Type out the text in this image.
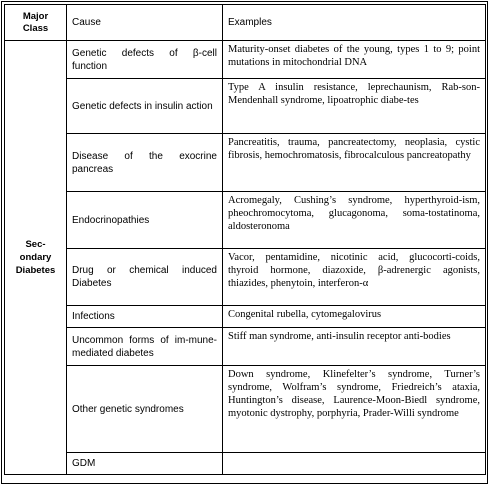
Major Class	Cause	Examples
Sec-ondary Diabetes	Genetic defects of β-cell function	Maturity-onset diabetes of the young, types 1 to 9; point mutations in mitochondrial DNA
	Genetic defects in insulin action	Type A insulin resistance, leprechaunism, Rab-son-Mendenhall syndrome, lipoatrophic diabe-tes
	Disease of the exocrine pancreas	Pancreatitis, trauma, pancreatectomy, neoplasia, cystic fibrosis, hemochromatosis, fibrocalculous pancreatopathy
	Endocrinopathies	Acromegaly, Cushing’s syndrome, hyperthyroid-ism, pheochromocytoma, glucagonoma, soma-tostatinoma, aldosteronoma
	Drug or chemical induced Diabetes	Vacor, pentamidine, nicotinic acid, glucocorti-coids, thyroid hormone, diazoxide, β-adrenergic agonists, thiazides, phenytoin, interferon-α
	Infections	Congenital rubella, cytomegalovirus
	Uncommon forms of im-mune-mediated diabetes	Stiff man syndrome, anti-insulin receptor anti-bodies
	Other genetic syndromes	Down syndrome, Klinefelter’s syndrome, Turner’s syndrome, Wolfram’s syndrome, Friedreich’s ataxia, Huntington’s disease, Laurence-Moon-Biedl syndrome, myotonic dystrophy, porphyria, Prader-Willi syndrome
	GDM	
